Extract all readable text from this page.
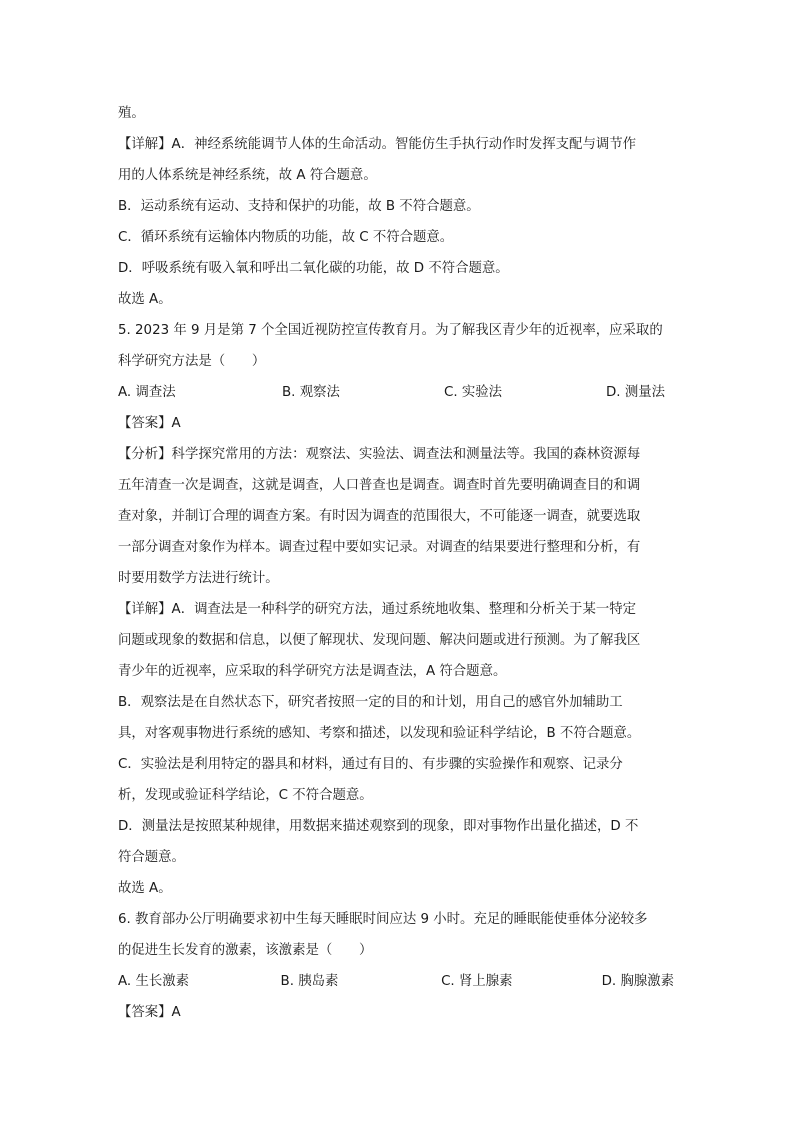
殖。
【详解】A．神经系统能调节人体的生命活动。智能仿生手执行动作时发挥支配与调节作
用的人体系统是神经系统，故 A 符合题意。
B．运动系统有运动、支持和保护的功能，故 B 不符合题意。
C．循环系统有运输体内物质的功能，故 C 不符合题意。
D．呼吸系统有吸入氧和呼出二氧化碳的功能，故 D 不符合题意。
故选 A。
5. 2023 年 9 月是第 7 个全国近视防控宣传教育月。为了解我区青少年的近视率，应采取的
科学研究方法是（　　）
A. 调查法	B. 观察法	C. 实验法	D. 测量法
【答案】A
【分析】科学探究常用的方法：观察法、实验法、调查法和测量法等。我国的森林资源每
五年清查一次是调查，这就是调查，人口普查也是调查。调查时首先要明确调查目的和调
查对象，并制订合理的调查方案。有时因为调查的范围很大，不可能逐一调查，就要选取
一部分调查对象作为样本。调查过程中要如实记录。对调查的结果要进行整理和分析，有
时要用数学方法进行统计。
【详解】A．调查法是一种科学的研究方法，通过系统地收集、整理和分析关于某一特定
问题或现象的数据和信息，以便了解现状、发现问题、解决问题或进行预测。为了解我区
青少年的近视率，应采取的科学研究方法是调查法，A 符合题意。
B．观察法是在自然状态下，研究者按照一定的目的和计划，用自己的感官外加辅助工
具，对客观事物进行系统的感知、考察和描述，以发现和验证科学结论，B 不符合题意。
C．实验法是利用特定的器具和材料，通过有目的、有步骤的实验操作和观察、记录分
析，发现或验证科学结论，C 不符合题意。
D．测量法是按照某种规律，用数据来描述观察到的现象，即对事物作出量化描述，D 不
符合题意。
故选 A。
6. 教育部办公厅明确要求初中生每天睡眠时间应达 9 小时。充足的睡眠能使垂体分泌较多
的促进生长发育的激素，该激素是（　　）
A. 生长激素	B. 胰岛素	C. 肾上腺素	D. 胸腺激素
【答案】A
